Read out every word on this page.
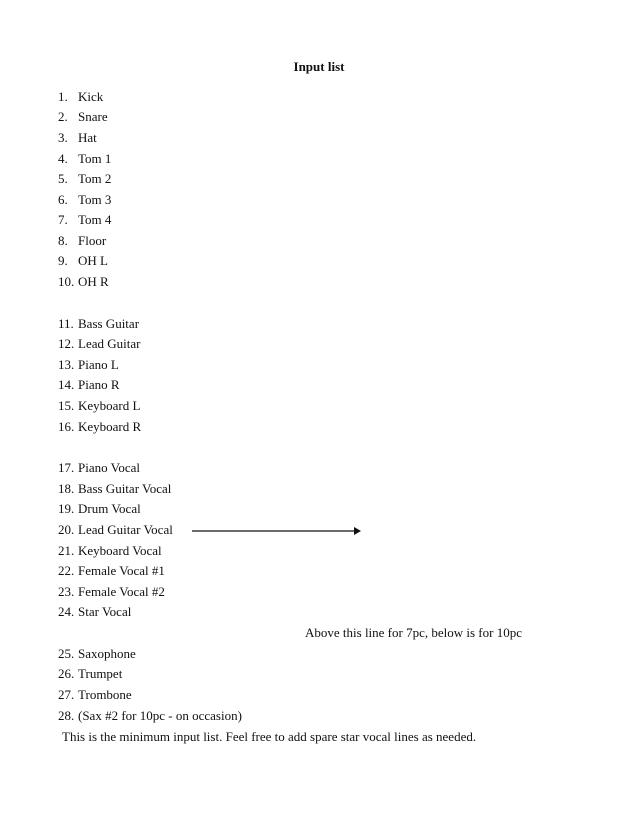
Input list
1. Kick
2. Snare
3. Hat
4. Tom 1
5. Tom 2
6. Tom 3
7. Tom 4
8. Floor
9. OH L
10. OH R
11. Bass Guitar
12. Lead Guitar
13. Piano L
14. Piano R
15. Keyboard L
16. Keyboard R
17. Piano Vocal
18. Bass Guitar Vocal
19. Drum Vocal
20. Lead Guitar Vocal
21. Keyboard Vocal
22. Female Vocal #1
23. Female Vocal #2
24. Star Vocal
Above this line for 7pc, below is for 10pc
25. Saxophone
26. Trumpet
27. Trombone
28. (Sax #2 for 10pc - on occasion)
This is the minimum input list. Feel free to add spare star vocal lines as needed.
